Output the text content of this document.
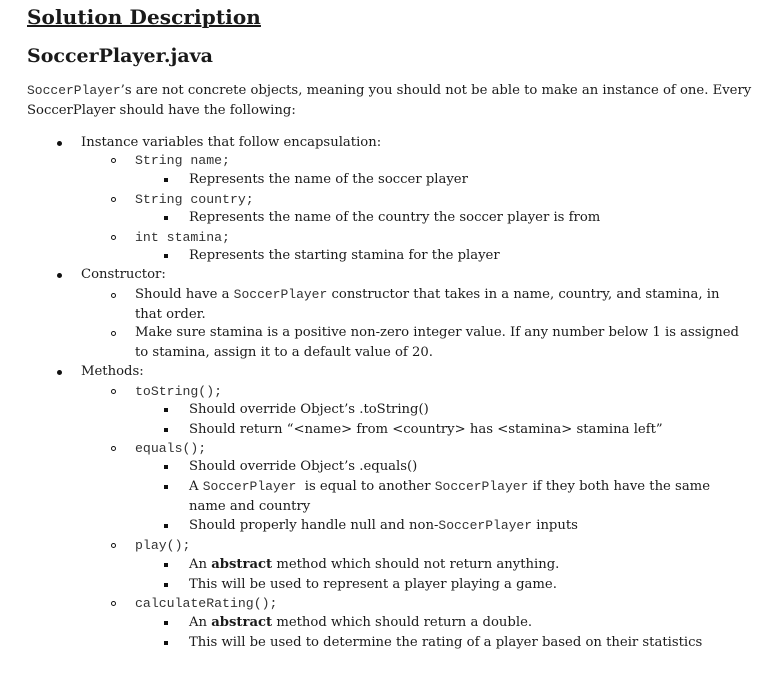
Solution Description
SoccerPlayer.java
SoccerPlayer’s are not concrete objects, meaning you should not be able to make an instance of one. Every SoccerPlayer should have the following:
Instance variables that follow encapsulation:
String name;
Represents the name of the soccer player
String country;
Represents the name of the country the soccer player is from
int stamina;
Represents the starting stamina for the player
Constructor:
Should have a SoccerPlayer constructor that takes in a name, country, and stamina, in that order.
Make sure stamina is a positive non-zero integer value. If any number below 1 is assigned to stamina, assign it to a default value of 20.
Methods:
toString();
Should override Object’s .toString()
Should return “<name> from <country> has <stamina> stamina left”
equals();
Should override Object’s .equals()
A SoccerPlayer  is equal to another SoccerPlayer if they both have the same name and country
Should properly handle null and non-SoccerPlayer inputs
play();
An abstract method which should not return anything.
This will be used to represent a player playing a game.
calculateRating();
An abstract method which should return a double.
This will be used to determine the rating of a player based on their statistics
